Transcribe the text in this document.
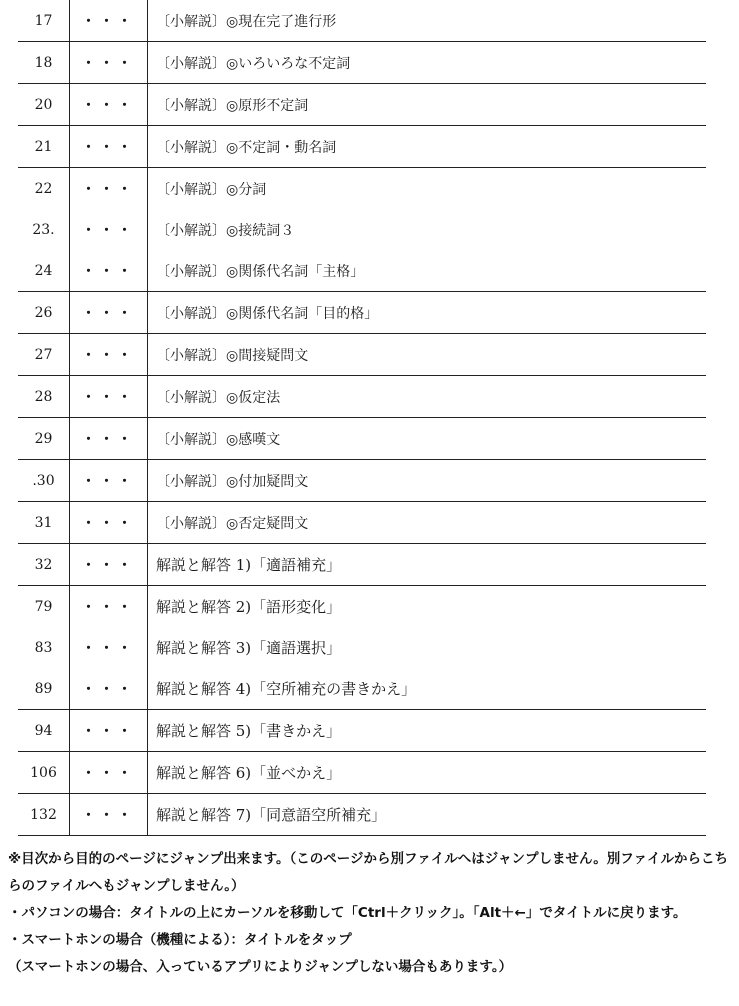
17	・・・	〔小解説〕◎現在完了進行形
18	・・・	〔小解説〕◎いろいろな不定詞
20	・・・	〔小解説〕◎原形不定詞
21	・・・	〔小解説〕◎不定詞・動名詞
22	・・・	〔小解説〕◎分詞
23.	・・・	〔小解説〕◎接続詞３
24	・・・	〔小解説〕◎関係代名詞「主格」
26	・・・	〔小解説〕◎関係代名詞「目的格」
27	・・・	〔小解説〕◎間接疑問文
28	・・・	〔小解説〕◎仮定法
29	・・・	〔小解説〕◎感嘆文
.30	・・・	〔小解説〕◎付加疑問文
31	・・・	〔小解説〕◎否定疑問文
32	・・・	解説と解答 1)「適語補充」
79	・・・	解説と解答 2)「語形変化」
83	・・・	解説と解答 3)「適語選択」
89	・・・	解説と解答 4)「空所補充の書きかえ」
94	・・・	解説と解答 5)「書きかえ」
106	・・・	解説と解答 6)「並べかえ」
132	・・・	解説と解答 7)「同意語空所補充」
※目次から目的のページにジャンプ出来ます。（このページから別ファイルへはジャンプしません。別ファイルからこちらのファイルへもジャンプしません。）
・パソコンの場合：タイトルの上にカーソルを移動して「Ctrl＋クリック」。「Alt＋←」でタイトルに戻ります。
・スマートホンの場合（機種による）：タイトルをタップ
（スマートホンの場合、入っているアプリによりジャンプしない場合もあります。）
